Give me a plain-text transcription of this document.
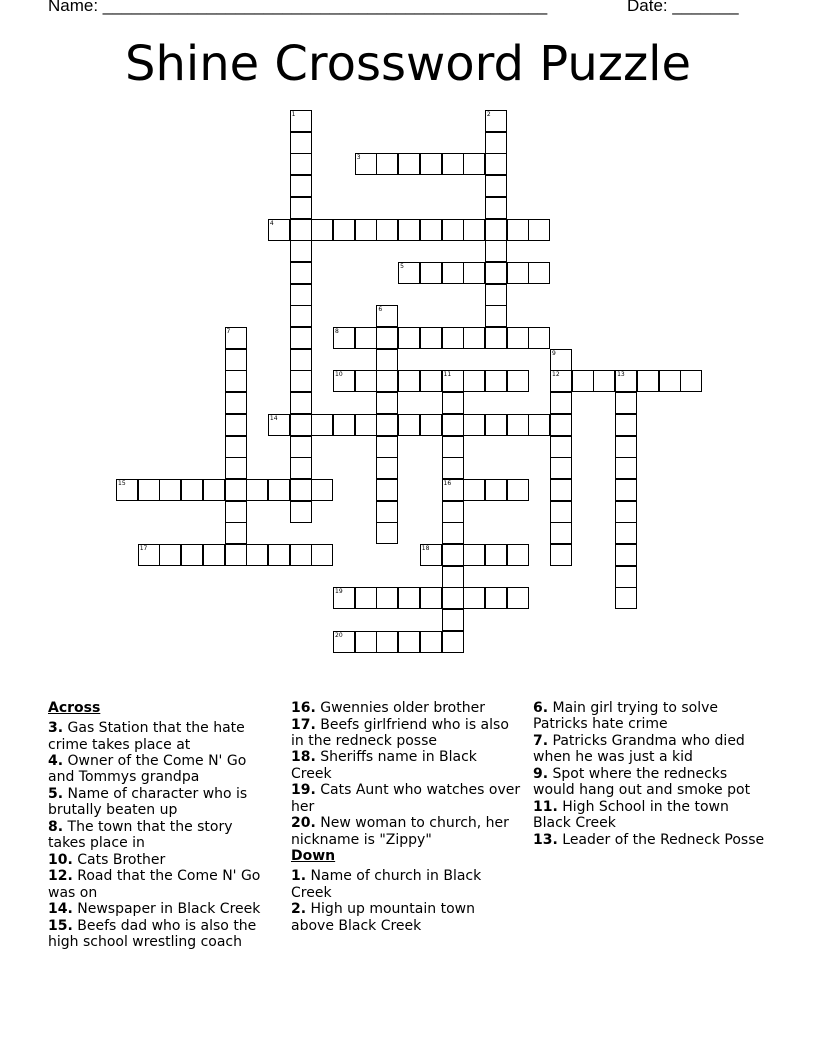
Name: _______________________________________________	Date: _______
Shine Crossword Puzzle
1	2
3
4
5
6
7	8
9
12
10	11
16
13
14
15
17	18
19
20
Across
3. Gas Station that the hate crime takes place at
4. Owner of the Come N' Go and Tommys grandpa
5. Name of character who is brutally beaten up
8. The town that the story takes place in
10. Cats Brother
12. Road that the Come N' Go was on
14. Newspaper in Black Creek
15. Beefs dad who is also the high school wrestling coach
16. Gwennies older brother
17. Beefs girlfriend who is also in the redneck posse
18. Sheriffs name in Black Creek
19. Cats Aunt who watches over her
20. New woman to church, her nickname is "Zippy"
Down
1. Name of church in Black Creek
2. High up mountain town above Black Creek
6. Main girl trying to solve Patricks hate crime
7. Patricks Grandma who died when he was just a kid
9. Spot where the rednecks would hang out and smoke pot
11. High School in the town Black Creek
13. Leader of the Redneck Posse
